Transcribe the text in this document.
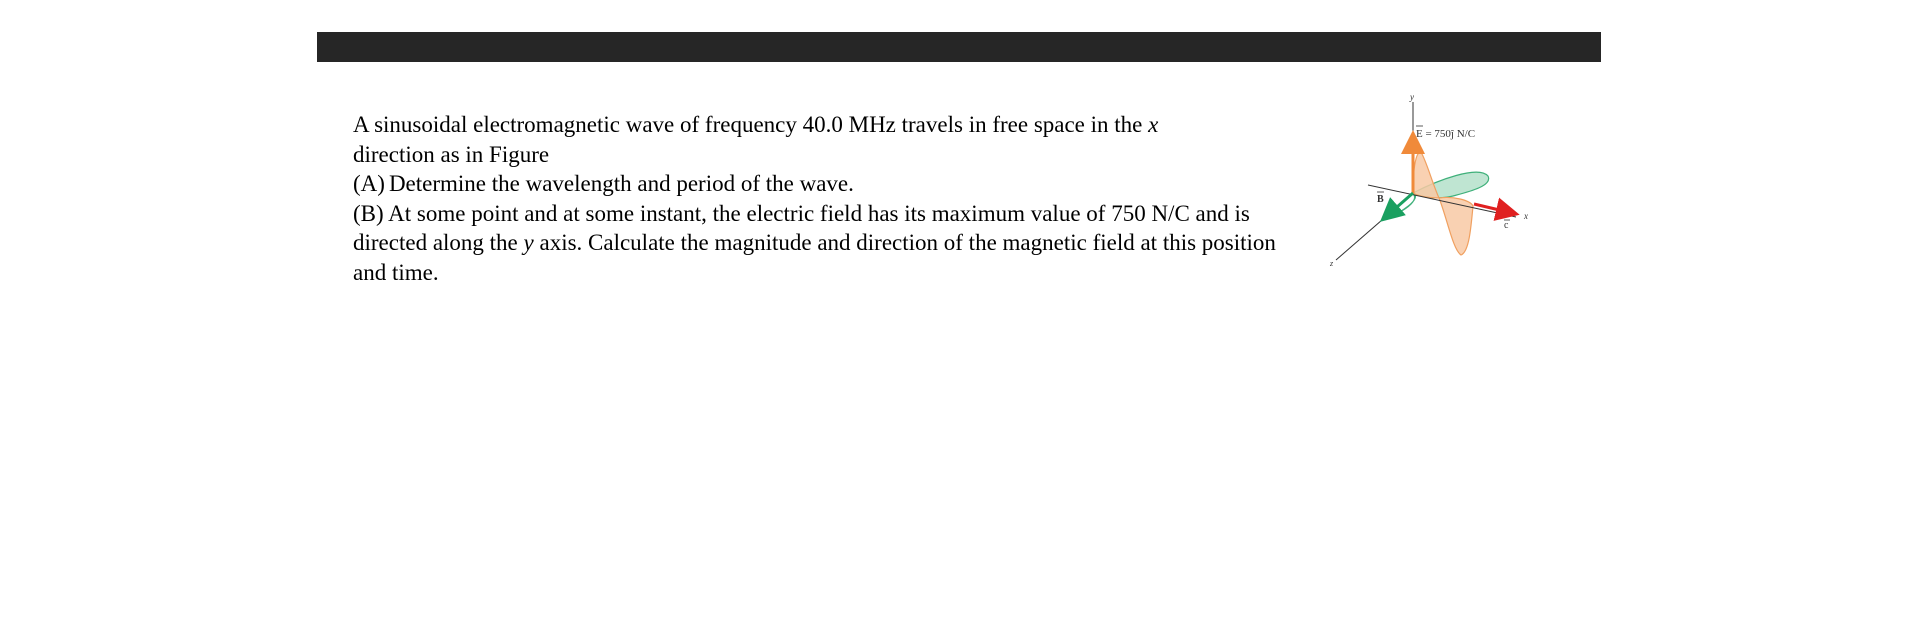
A sinusoidal electromagnetic wave of frequency 40.0 MHz travels in free space in the x
direction as in Figure

(A) Determine the wavelength and period of the wave.

(B) At some point and at some instant, the electric field has its maximum value of 750 N/C and is directed along the y axis. Calculate the magnitude and direction of the magnetic field at this position and time.

y
x
z
E = 750ĵ N/C
B
c
